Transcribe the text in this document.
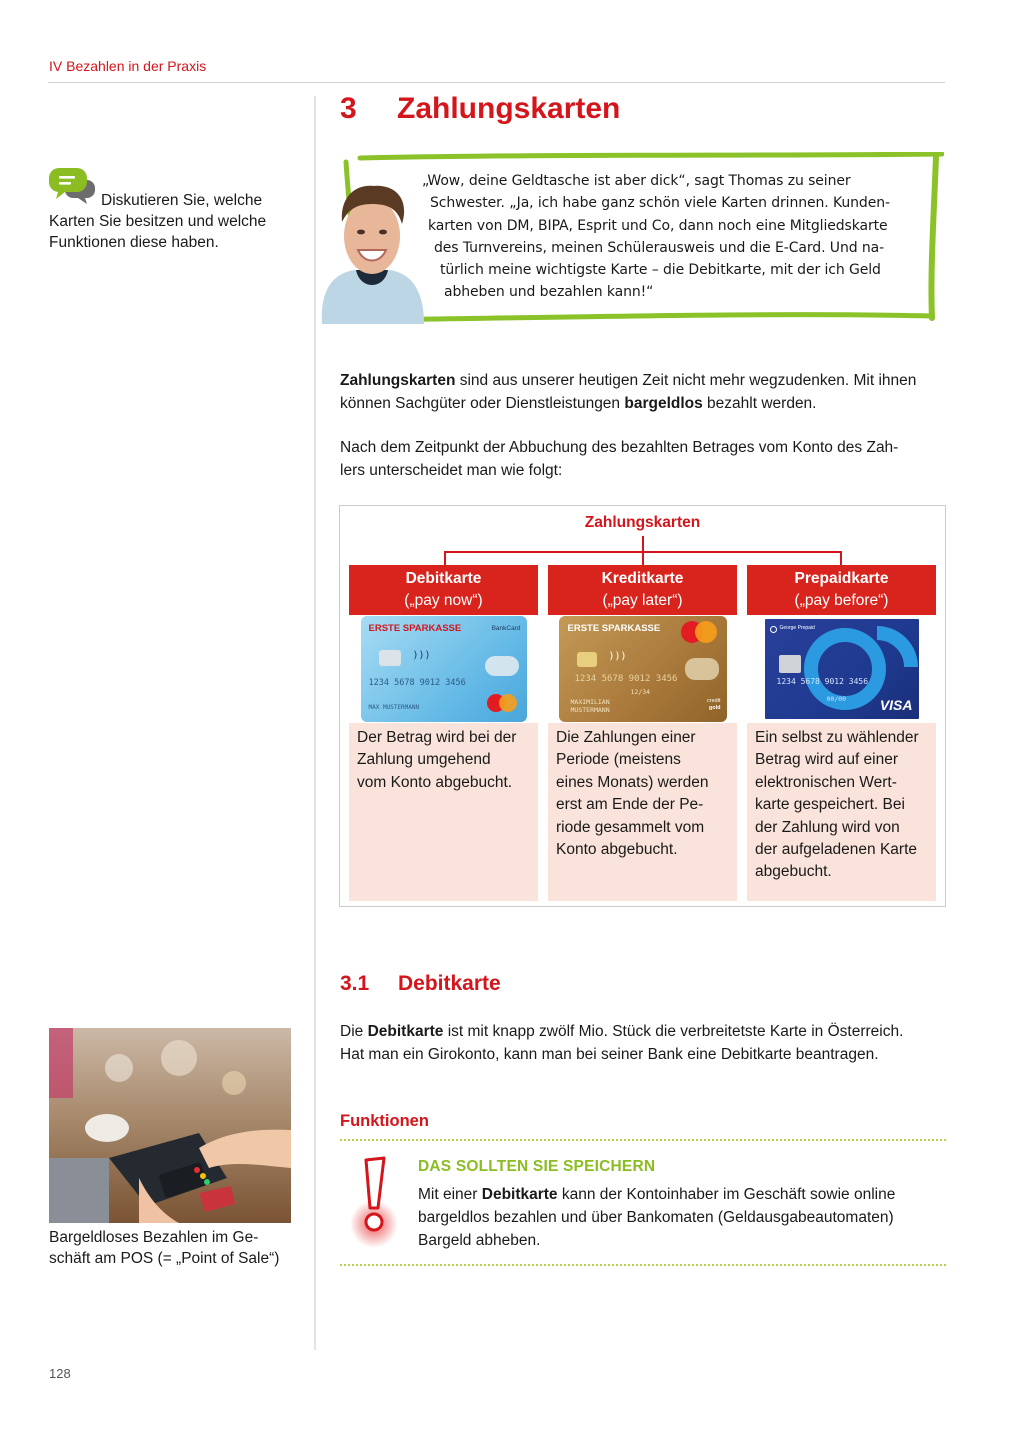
IV Bezahlen in der Praxis
3 Zahlungskarten
Diskutieren Sie, welche Karten Sie besitzen und welche Funktionen diese haben.
„Wow, deine Geldtasche ist aber dick“, sagt Thomas zu seiner
Schwester. „Ja, ich habe ganz schön viele Karten drinnen. Kunden-
karten von DM, BIPA, Esprit und Co, dann noch eine Mitgliedskarte
des Turnvereins, meinen Schülerausweis und die E-Card. Und na-
türlich meine wichtigste Karte – die Debitkarte, mit der ich Geld
abheben und bezahlen kann!“
Zahlungskarten sind aus unserer heutigen Zeit nicht mehr wegzudenken. Mit ihnen
können Sachgüter oder Dienstleistungen bargeldlos bezahlt werden.
Nach dem Zeitpunkt der Abbuchung des bezahlten Betrages vom Konto des Zah-
lers unterscheidet man wie folgt:
Zahlungskarten
Debitkarte
(„pay now“)
ERSTE SPARKASSE	BankCard
)))
1234 5678 9012 3456
MAX MUSTERMANN
Der Betrag wird bei der
Zahlung umgehend
vom Konto abgebucht.
Kreditkarte
(„pay later“)
ERSTE SPARKASSE
)))
1234 5678 9012 3456
12/34
MAXIMILIAN
MUSTERMANN
credit
gold
Die Zahlungen einer
Periode (meistens
eines Monats) werden
erst am Ende der Pe-
riode gesammelt vom
Konto abgebucht.
Prepaidkarte
(„pay before“)
George Prepaid
1234 5678 9012 3456
00/00 VISA
Ein selbst zu wählender
Betrag wird auf einer
elektronischen Wert-
karte gespeichert. Bei
der Zahlung wird von
der aufgeladenen Karte
abgebucht.
3.1 Debitkarte
Die Debitkarte ist mit knapp zwölf Mio. Stück die verbreitetste Karte in Österreich.
Hat man ein Girokonto, kann man bei seiner Bank eine Debitkarte beantragen.
Funktionen
DAS SOLLTEN SIE SPEICHERN
Mit einer Debitkarte kann der Kontoinhaber im Geschäft sowie online
bargeldlos bezahlen und über Bankomaten (Geldausgabeautomaten)
Bargeld abheben.
Bargeldloses Bezahlen im Ge-
schäft am POS (= „Point of Sale“)
128
